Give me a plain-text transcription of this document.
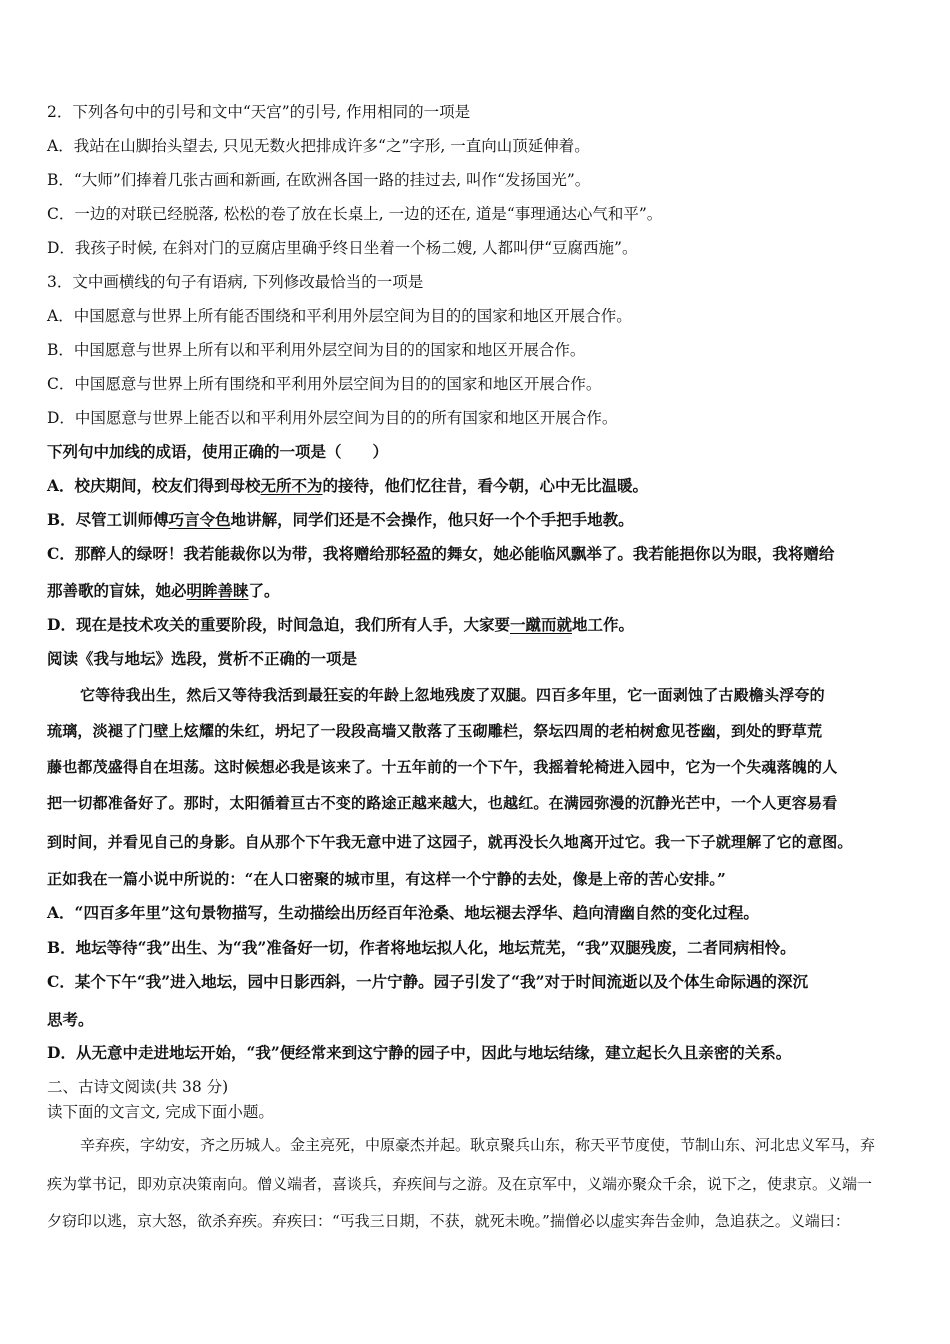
2．下列各句中的引号和文中“天宫”的引号, 作用相同的一项是
A．我站在山脚抬头望去, 只见无数火把排成许多“之”字形, 一直向山顶延伸着。
B．“大师”们捧着几张古画和新画, 在欧洲各国一路的挂过去, 叫作“发扬国光”。
C．一边的对联已经脱落, 松松的卷了放在长桌上, 一边的还在, 道是“事理通达心气和平”。
D．我孩子时候, 在斜对门的豆腐店里确乎终日坐着一个杨二嫂, 人都叫伊“豆腐西施”。
3．文中画横线的句子有语病, 下列修改最恰当的一项是
A．中国愿意与世界上所有能否围绕和平利用外层空间为目的的国家和地区开展合作。
B．中国愿意与世界上所有以和平利用外层空间为目的的国家和地区开展合作。
C．中国愿意与世界上所有围绕和平利用外层空间为目的的国家和地区开展合作。
D．中国愿意与世界上能否以和平利用外层空间为目的的所有国家和地区开展合作。
下列句中加线的成语，使用正确的一项是（　　）
A．校庆期间，校友们得到母校无所不为的接待，他们忆往昔，看今朝，心中无比温暖。
B．尽管工训师傅巧言令色地讲解，同学们还是不会操作，他只好一个个手把手地教。
C．那醉人的绿呀！我若能裁你以为带，我将赠给那轻盈的舞女，她必能临风飘举了。我若能挹你以为眼，我将赠给
那善歌的盲妹，她必明眸善睐了。
D．现在是技术攻关的重要阶段，时间急迫，我们所有人手，大家要一蹴而就地工作。
阅读《我与地坛》选段，赏析不正确的一项是
它等待我出生，然后又等待我活到最狂妄的年龄上忽地残废了双腿。四百多年里，它一面剥蚀了古殿檐头浮夸的
琉璃，淡褪了门壁上炫耀的朱红，坍圮了一段段高墙又散落了玉砌雕栏，祭坛四周的老柏树愈见苍幽，到处的野草荒
藤也都茂盛得自在坦荡。这时候想必我是该来了。十五年前的一个下午，我摇着轮椅进入园中，它为一个失魂落魄的人
把一切都准备好了。那时，太阳循着亘古不变的路途正越来越大，也越红。在满园弥漫的沉静光芒中，一个人更容易看
到时间，并看见自己的身影。自从那个下午我无意中进了这园子，就再没长久地离开过它。我一下子就理解了它的意图。
正如我在一篇小说中所说的：“在人口密聚的城市里，有这样一个宁静的去处，像是上帝的苦心安排。”
A．“四百多年里”这句景物描写，生动描绘出历经百年沧桑、地坛褪去浮华、趋向清幽自然的变化过程。
B．地坛等待“我”出生、为“我”准备好一切，作者将地坛拟人化，地坛荒芜，“我”双腿残废，二者同病相怜。
C．某个下午“我”进入地坛，园中日影西斜，一片宁静。园子引发了“我”对于时间流逝以及个体生命际遇的深沉
思考。
D．从无意中走进地坛开始，“我”便经常来到这宁静的园子中，因此与地坛结缘，建立起长久且亲密的关系。
二、古诗文阅读(共 38 分)
读下面的文言文, 完成下面小题。
辛弃疾，字幼安，齐之历城人。金主亮死，中原豪杰并起。耿京聚兵山东，称天平节度使，节制山东、河北忠义军马，弃
疾为掌书记，即劝京决策南向。僧义端者，喜谈兵，弃疾间与之游。及在京军中，义端亦聚众千余，说下之，使隶京。义端一
夕窃印以逃，京大怒，欲杀弃疾。弃疾曰：“丐我三日期，不获，就死未晚。”揣僧必以虚实奔告金帅，急追获之。义端曰：
